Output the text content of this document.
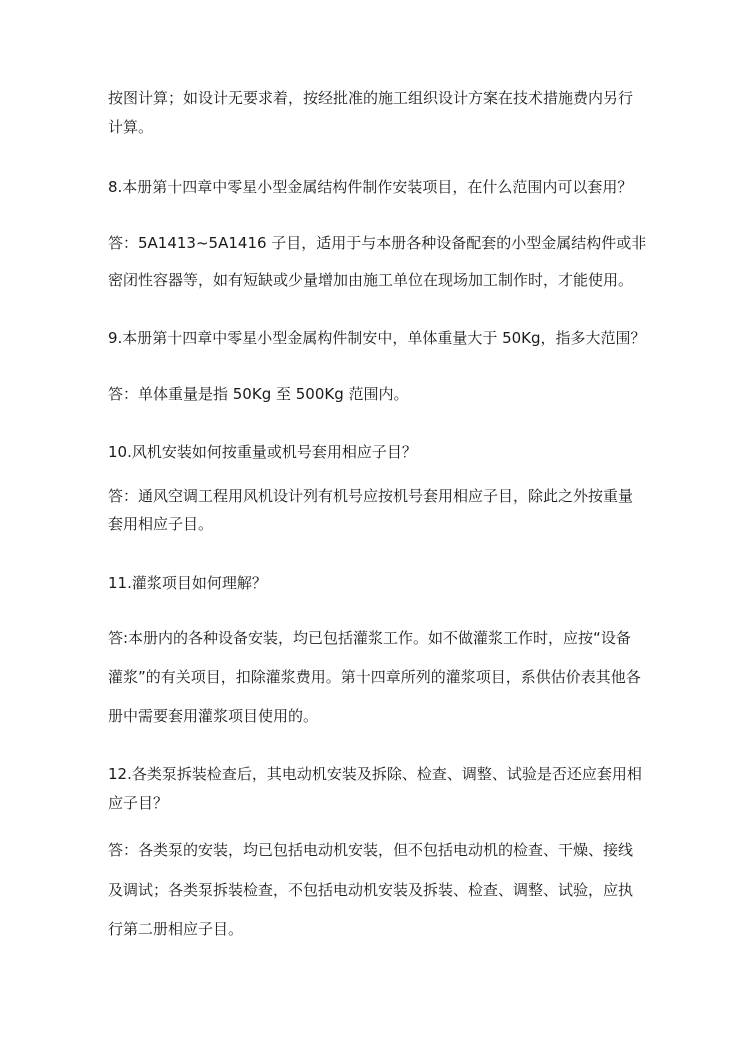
按图计算；如设计无要求着，按经批准的施工组织设计方案在技术措施费内另行
计算。
8.本册第十四章中零星小型金属结构件制作安装项目，在什么范围内可以套用？
答：5A1413~5A1416 子目，适用于与本册各种设备配套的小型金属结构件或非
密闭性容器等，如有短缺或少量增加由施工单位在现场加工制作时，才能使用。
9.本册第十四章中零星小型金属构件制安中，单体重量大于 50Kg，指多大范围？
答：单体重量是指 50Kg 至 500Kg 范围内。
10.风机安装如何按重量或机号套用相应子目？
答：通风空调工程用风机设计列有机号应按机号套用相应子目，除此之外按重量
套用相应子目。
11.灌浆项目如何理解？
答:本册内的各种设备安装，均已包括灌浆工作。如不做灌浆工作时，应按“设备
灌浆”的有关项目，扣除灌浆费用。第十四章所列的灌浆项目，系供估价表其他各
册中需要套用灌浆项目使用的。
12.各类泵拆装检查后，其电动机安装及拆除、检查、调整、试验是否还应套用相
应子目？
答：各类泵的安装，均已包括电动机安装，但不包括电动机的检查、干燥、接线
及调试；各类泵拆装检查，不包括电动机安装及拆装、检查、调整、试验，应执
行第二册相应子目。
